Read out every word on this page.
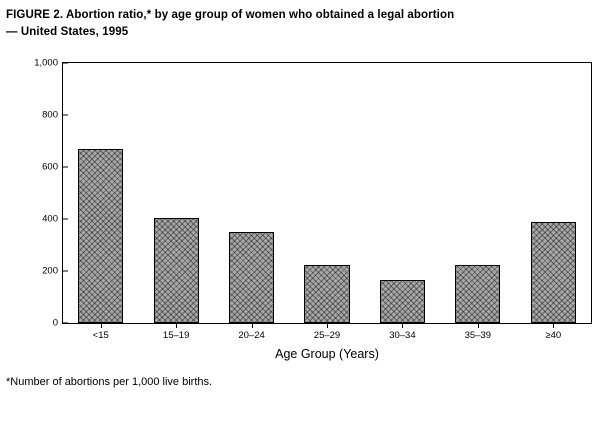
FIGURE 2. Abortion ratio,* by age group of women who obtained a legal abortion
— United States, 1995
0
200
400
600
800
1,000
<15	15–19	20–24	25–29	30–34	35–39	≥40
Age Group (Years)
*Number of abortions per 1,000 live births.
